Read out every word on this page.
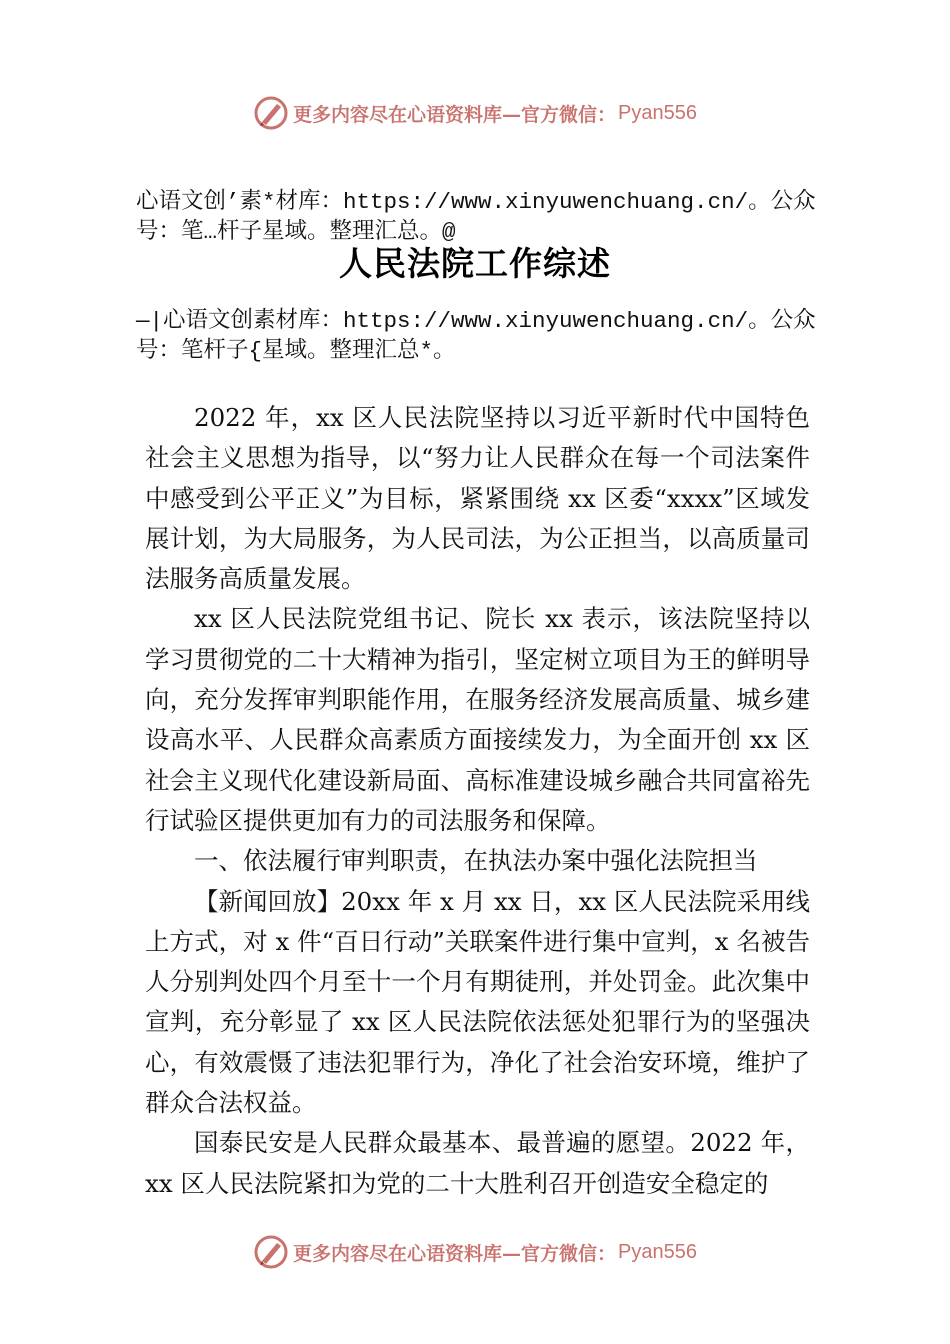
更多内容尽在心语资料库—官方微信： Pyan556
心语文创’素*材库：https://www.xinyuwenchuang.cn/。公众号：笔…杆子星域。整理汇总。@
人民法院工作综述
—|心语文创素材库：https://www.xinyuwenchuang.cn/。公众号：笔杆子{星域。整理汇总*。

2022 年，xx 区人民法院坚持以习近平新时代中国特色社会主义思想为指导，以“努力让人民群众在每一个司法案件中感受到公平正义”为目标，紧紧围绕 xx 区委“xxxx”区域发展计划，为大局服务，为人民司法，为公正担当，以高质量司法服务高质量发展。

xx 区人民法院党组书记、院长 xx 表示，该法院坚持以学习贯彻党的二十大精神为指引，坚定树立项目为王的鲜明导向，充分发挥审判职能作用，在服务经济发展高质量、城乡建设高水平、人民群众高素质方面接续发力，为全面开创 xx 区社会主义现代化建设新局面、高标准建设城乡融合共同富裕先行试验区提供更加有力的司法服务和保障。

一、依法履行审判职责，在执法办案中强化法院担当

【新闻回放】20xx 年 x 月 xx 日，xx 区人民法院采用线上方式，对 x 件“百日行动”关联案件进行集中宣判，x 名被告人分别判处四个月至十一个月有期徒刑，并处罚金。此次集中宣判，充分彰显了 xx 区人民法院依法惩处犯罪行为的坚强决心，有效震慑了违法犯罪行为，净化了社会治安环境，维护了群众合法权益。

国泰民安是人民群众最基本、最普遍的愿望。2022 年，xx 区人民法院紧扣为党的二十大胜利召开创造安全稳定的

更多内容尽在心语资料库—官方微信： Pyan556
